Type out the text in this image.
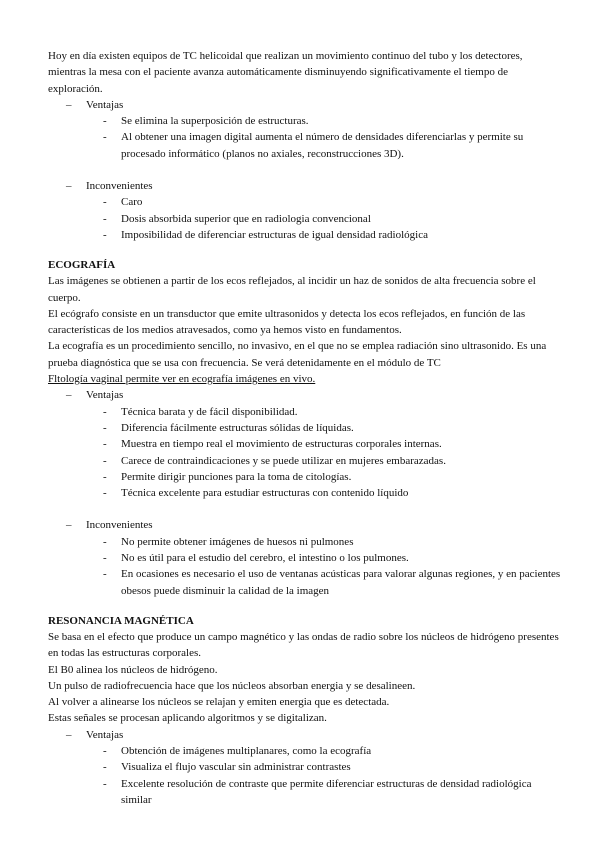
Hoy en día existen equipos de TC helicoidal que realizan un movimiento continuo del tubo y los detectores, mientras la mesa con el paciente avanza automáticamente disminuyendo significativamente el tiempo de exploración.

– Ventajas
- Se elimina la superposición de estructuras.
- Al obtener una imagen digital aumenta el número de densidades diferenciarlas y permite su procesado informático (planos no axiales, reconstrucciones 3D).
– Inconvenientes
- Caro
- Dosis absorbida superior que en radiologia convencional
- Imposibilidad de diferenciar estructuras de igual densidad radiológica

ECOGRAFÍA

Las imágenes se obtienen a partir de los ecos reflejados, al incidir un haz de sonidos de alta frecuencia sobre el cuerpo.

El ecógrafo consiste en un transductor que emite ultrasonidos y detecta los ecos reflejados, en función de las características de los medios atravesados, como ya hemos visto en fundamentos.

La ecografía es un procedimiento sencillo, no invasivo, en el que no se emplea radiación sino ultrasonido. Es una prueba diagnóstica que se usa con frecuencia. Se verá detenidamente en el módulo de TC

Fltología vaginal permite ver en ecografía imágenes en vivo.

– Ventajas
- Técnica barata y de fácil disponibilidad.
- Diferencia fácilmente estructuras sólidas de líquidas.
- Muestra en tiempo real el movimiento de estructuras corporales internas.
- Carece de contraindicaciones y se puede utilizar en mujeres embarazadas.
- Permite dirigir punciones para la toma de citologías.
- Técnica excelente para estudiar estructuras con contenido líquido
– Inconvenientes
- No permite obtener imágenes de huesos ni pulmones
- No es útil para el estudio del cerebro, el intestino o los pulmones.
- En ocasiones es necesario el uso de ventanas acústicas para valorar algunas regiones, y en pacientes obesos puede disminuir la calidad de la imagen

RESONANCIA MAGNÉTICA

Se basa en el efecto que produce un campo magnético y las ondas de radio sobre los núcleos de hidrógeno presentes en todas las estructuras corporales.

El B0 alinea los núcleos de hidrógeno.

Un pulso de radiofrecuencia hace que los núcleos absorban energia y se desalineen.

Al volver a alinearse los núcleos se relajan y emiten energia que es detectada.

Estas señales se procesan aplicando algoritmos y se digitalizan.

– Ventajas
- Obtención de imágenes multiplanares, como la ecografía
- Visualiza el flujo vascular sin administrar contrastes
- Excelente resolución de contraste que permite diferenciar estructuras de densidad radiológica similar
